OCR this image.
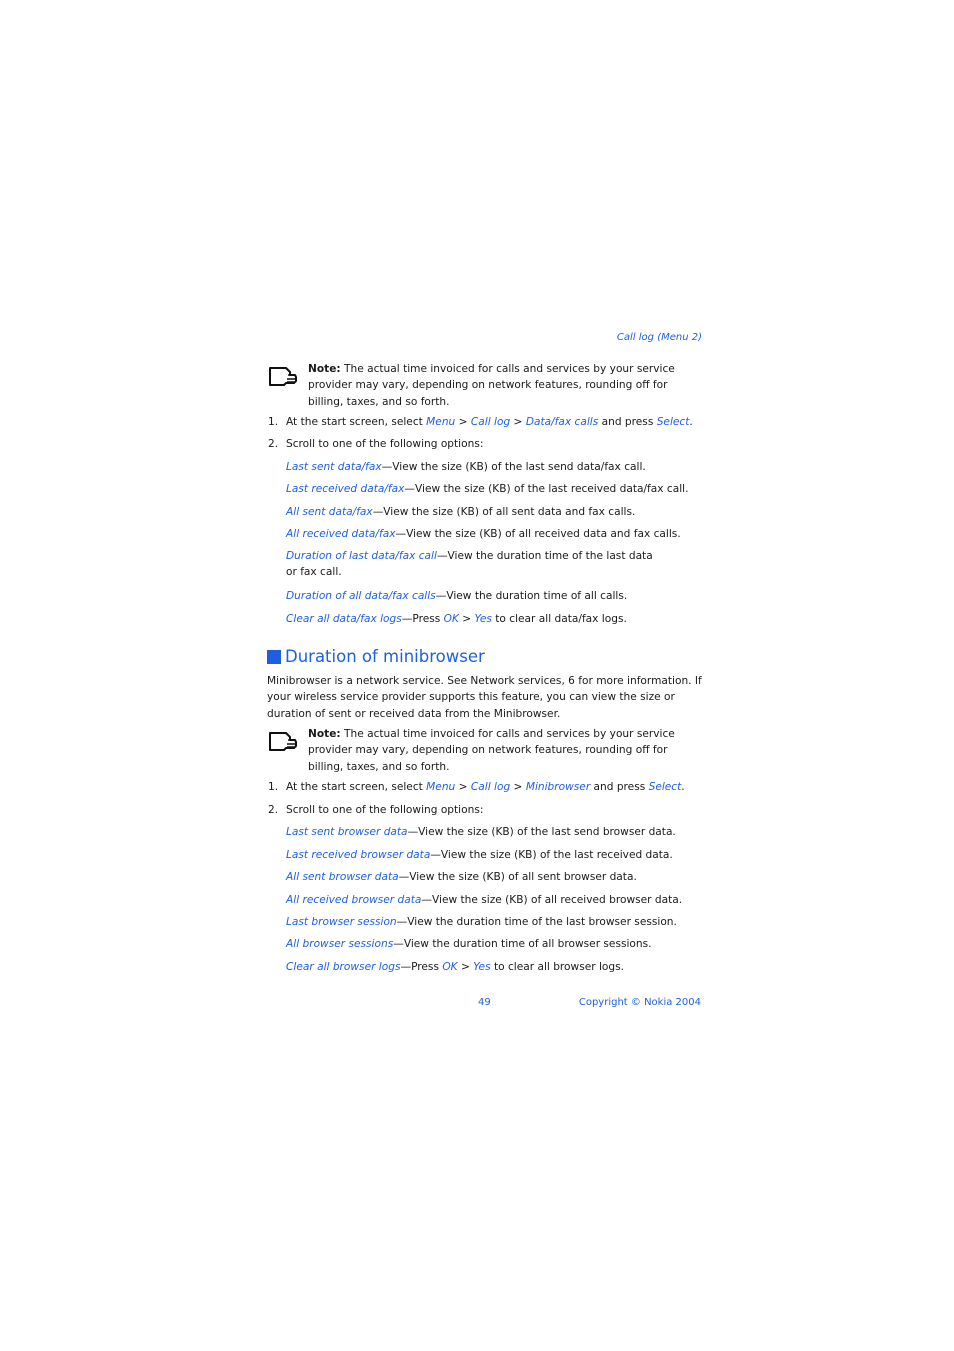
Call log (Menu 2)
Note: The actual time invoiced for calls and services by your service provider may vary, depending on network features, rounding off for billing, taxes, and so forth.
1. At the start screen, select Menu > Call log > Data/fax calls and press Select.
2. Scroll to one of the following options:
Last sent data/fax—View the size (KB) of the last send data/fax call.
Last received data/fax—View the size (KB) of the last received data/fax call.
All sent data/fax—View the size (KB) of all sent data and fax calls.
All received data/fax—View the size (KB) of all received data and fax calls.
Duration of last data/fax call—View the duration time of the last data or fax call.
Duration of all data/fax calls—View the duration time of all calls.
Clear all data/fax logs—Press OK > Yes to clear all data/fax logs.
Duration of minibrowser
Minibrowser is a network service. See Network services, 6 for more information. If your wireless service provider supports this feature, you can view the size or duration of sent or received data from the Minibrowser.
Note: The actual time invoiced for calls and services by your service provider may vary, depending on network features, rounding off for billing, taxes, and so forth.
1. At the start screen, select Menu > Call log > Minibrowser and press Select.
2. Scroll to one of the following options:
Last sent browser data—View the size (KB) of the last send browser data.
Last received browser data—View the size (KB) of the last received data.
All sent browser data—View the size (KB) of all sent browser data.
All received browser data—View the size (KB) of all received browser data.
Last browser session—View the duration time of the last browser session.
All browser sessions—View the duration time of all browser sessions.
Clear all browser logs—Press OK > Yes to clear all browser logs.
49	Copyright © Nokia 2004
